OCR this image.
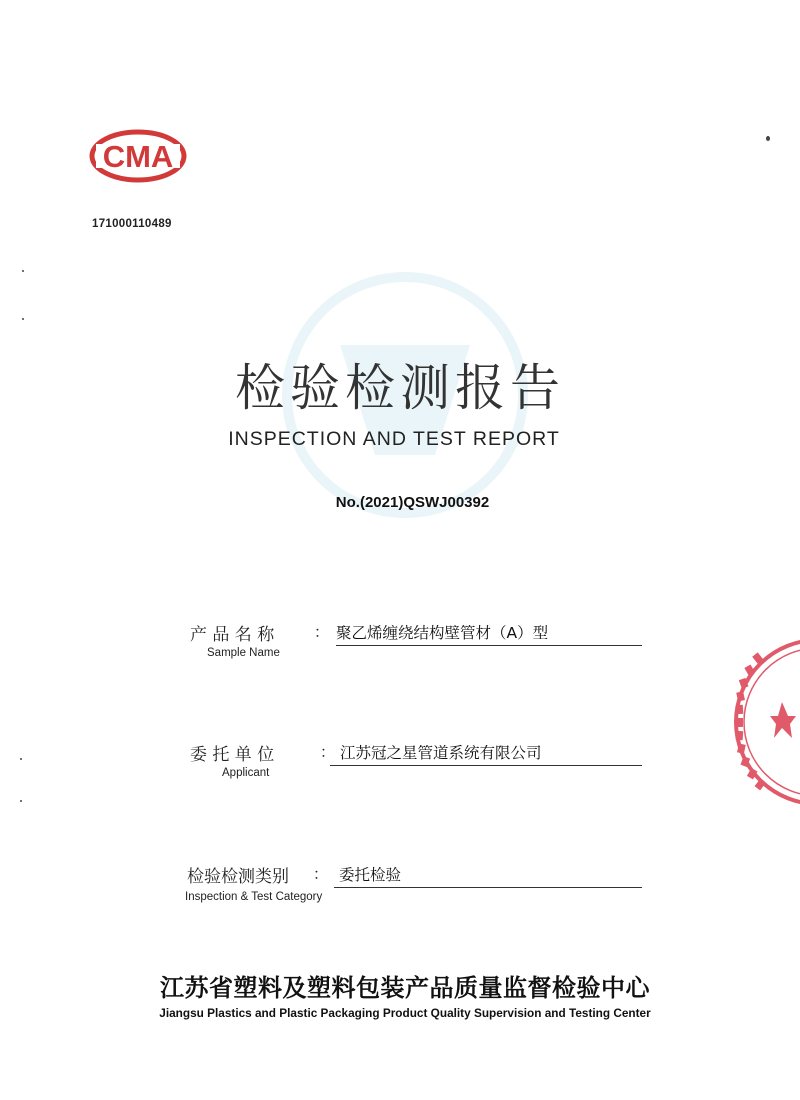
CMA
171000110489
检验检测报告
INSPECTION AND TEST REPORT
No.(2021)QSWJ00392
产 品 名 称
Sample Name
： 聚乙烯缠绕结构壁管材（A）型
委 托 单 位
Applicant
： 江苏冠之星管道系统有限公司
检验检测类别
Inspection & Test Category
： 委托检验
江苏省塑料及塑料包装产品质量监督检验中心
Jiangsu Plastics and Plastic Packaging Product Quality Supervision and Testing Center
